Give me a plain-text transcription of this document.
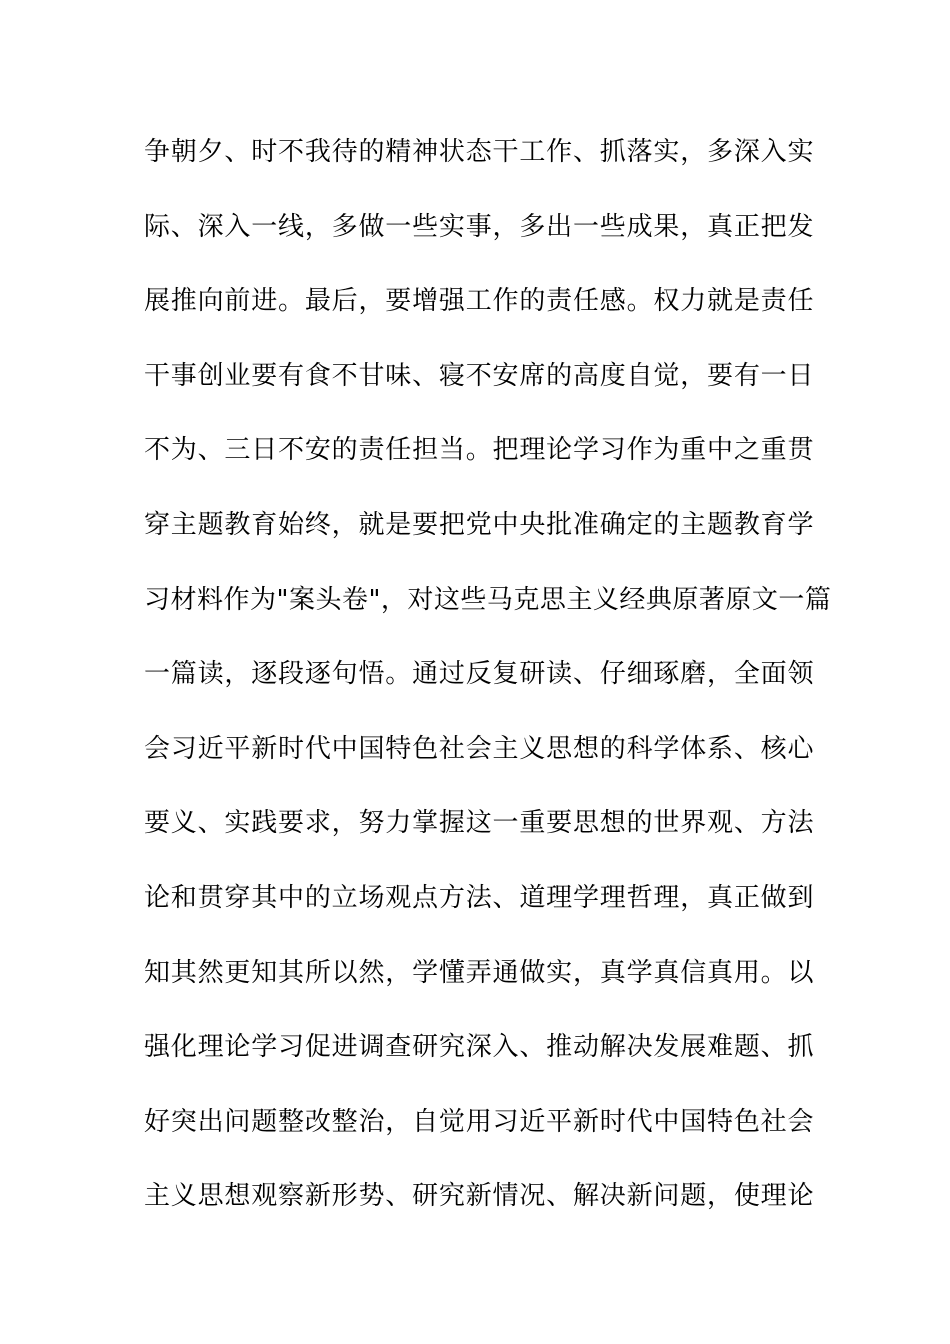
争朝夕、时不我待的精神状态干工作、抓落实，多深入实
际、深入一线，多做一些实事，多出一些成果，真正把发
展推向前进。最后，要增强工作的责任感。权力就是责任
干事创业要有食不甘味、寝不安席的高度自觉，要有一日
不为、三日不安的责任担当。把理论学习作为重中之重贯
穿主题教育始终，就是要把党中央批准确定的主题教育学
习材料作为"案头卷"，对这些马克思主义经典原著原文一篇
一篇读，逐段逐句悟。通过反复研读、仔细琢磨，全面领
会习近平新时代中国特色社会主义思想的科学体系、核心
要义、实践要求，努力掌握这一重要思想的世界观、方法
论和贯穿其中的立场观点方法、道理学理哲理，真正做到
知其然更知其所以然，学懂弄通做实，真学真信真用。以
强化理论学习促进调查研究深入、推动解决发展难题、抓
好突出问题整改整治，自觉用习近平新时代中国特色社会
主义思想观察新形势、研究新情况、解决新问题，使理论
